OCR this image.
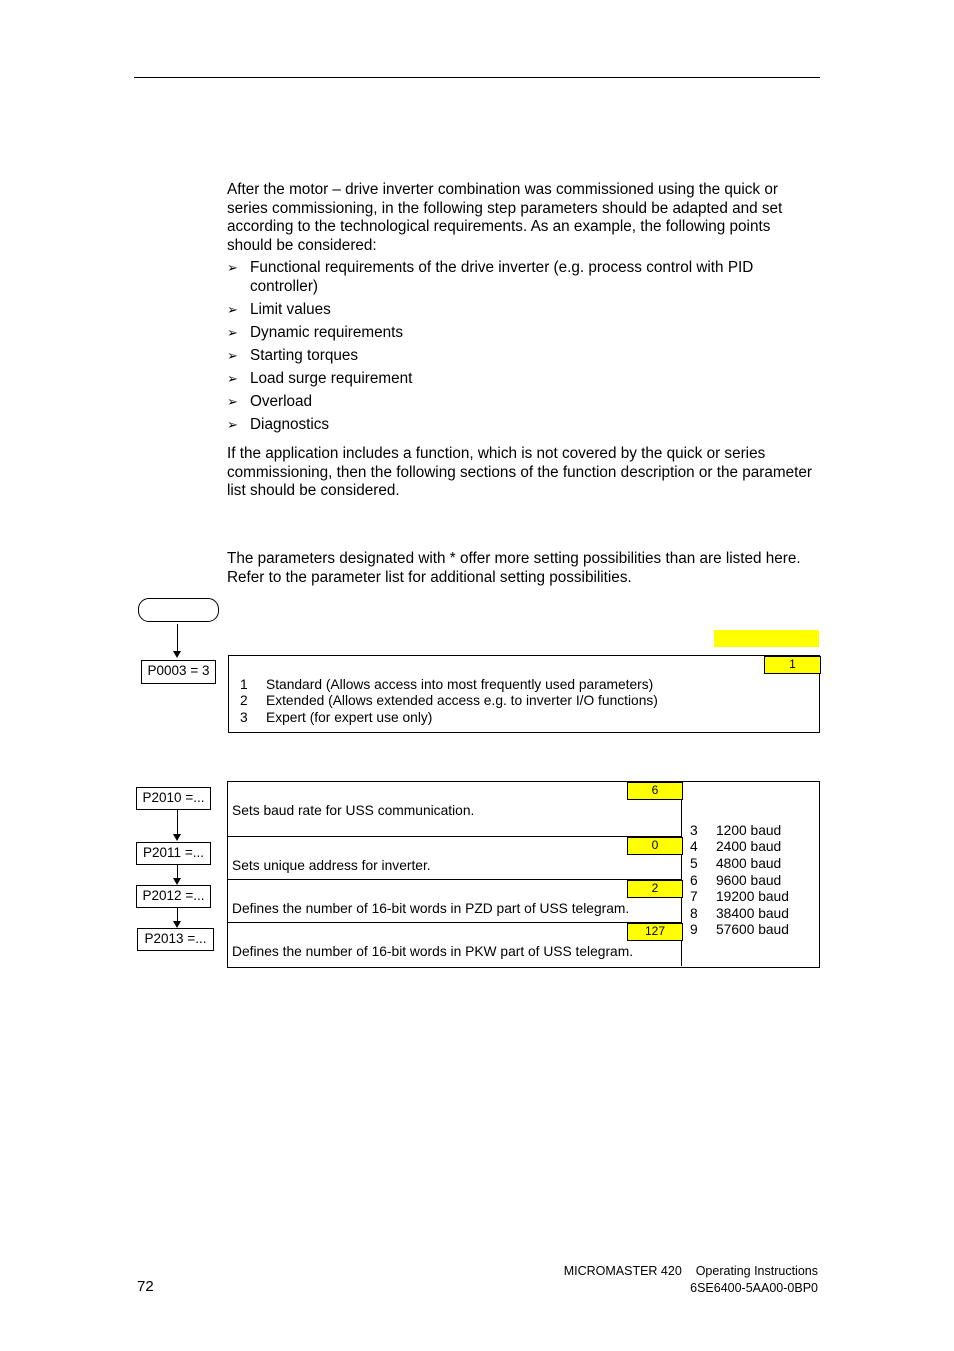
After the motor – drive inverter combination was commissioned using the quick or series commissioning, in the following step parameters should be adapted and set according to the technological requirements. As an example, the following points should be considered:
➢ Functional requirements of the drive inverter (e.g. process control with PID controller)
➢ Limit values
➢ Dynamic requirements
➢ Starting torques
➢ Load surge requirement
➢ Overload
➢ Diagnostics
If the application includes a function, which is not covered by the quick or series commissioning, then the following sections of the function description or the parameter list should be considered.
The parameters designated with * offer more setting possibilities than are listed here. Refer to the parameter list for additional setting possibilities.
P0003 = 3	1
1 Standard (Allows access into most frequently used parameters)
2 Extended (Allows extended access e.g. to inverter I/O functions)
3 Expert (for expert use only)
P2010 =...
P2011 =...
P2012 =...
P2013 =...
6
0
2
127
Sets baud rate for USS communication.
Sets unique address for inverter.
Defines the number of 16-bit words in PZD part of USS telegram.
Defines the number of 16-bit words in PKW part of USS telegram.
3 1200 baud
4 2400 baud
5 4800 baud
6 9600 baud
7 19200 baud
8 38400 baud
9 57600 baud
72
MICROMASTER 420 Operating Instructions
6SE6400-5AA00-0BP0
